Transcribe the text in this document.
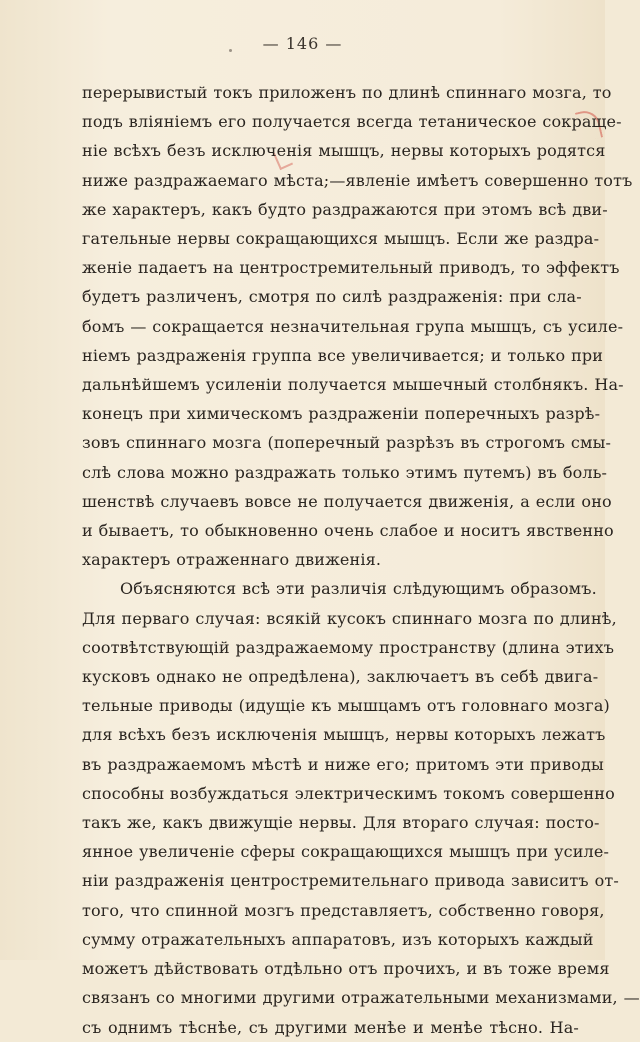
— 146 —
перерывистый токъ приложенъ по длинѣ спиннаго мозга, то
подъ вліяніемъ его получается всегда тетаническое сокраще-
ніе всѣхъ безъ исключенія мышцъ, нервы которыхъ родятся
ниже раздражаемаго мѣста;—явленіе имѣетъ совершенно тотъ
же характеръ, какъ будто раздражаются при этомъ всѣ дви-
гательные нервы сокращающихся мышцъ. Если же раздра-
женіе падаетъ на центростремительный приводъ, то эффектъ
будетъ различенъ, смотря по силѣ раздраженія: при сла-
бомъ — сокращается незначительная група мышцъ, съ усиле-
ніемъ раздраженія группа все увеличивается; и только при
дальнѣйшемъ усиленіи получается мышечный столбнякъ. На-
конецъ при химическомъ раздраженіи поперечныхъ разрѣ-
зовъ спиннаго мозга (поперечный разрѣзъ въ строгомъ смы-
слѣ слова можно раздражать только этимъ путемъ) въ боль-
шенствѣ случаевъ вовсе не получается движенія, а если оно
и бываетъ, то обыкновенно очень слабое и носитъ явственно
характеръ отраженнаго движенія.
Объясняются всѣ эти различія слѣдующимъ образомъ.
Для перваго случая: всякій кусокъ спиннаго мозга по длинѣ,
соотвѣтствующій раздражаемому пространству (длина этихъ
кусковъ однако не опредѣлена), заключаетъ въ себѣ двига-
тельные приводы (идущіе къ мышцамъ отъ головнаго мозга)
для всѣхъ безъ исключенія мышцъ, нервы которыхъ лежатъ
въ раздражаемомъ мѣстѣ и ниже его; притомъ эти приводы
способны возбуждаться электрическимъ токомъ совершенно
такъ же, какъ движущіе нервы. Для втораго случая: посто-
янное увеличеніе сферы сокращающихся мышцъ при усиле-
ніи раздраженія центростремительнаго привода зависитъ от-
того, что спинной мозгъ представляетъ, собственно говоря,
сумму отражательныхъ аппаратовъ, изъ которыхъ каждый
можетъ дѣйствовать отдѣльно отъ прочихъ, и въ тоже время
связанъ со многими другими отражательными механизмами, —
съ однимъ тѣснѣе, съ другими менѣе и менѣе тѣсно. На-
